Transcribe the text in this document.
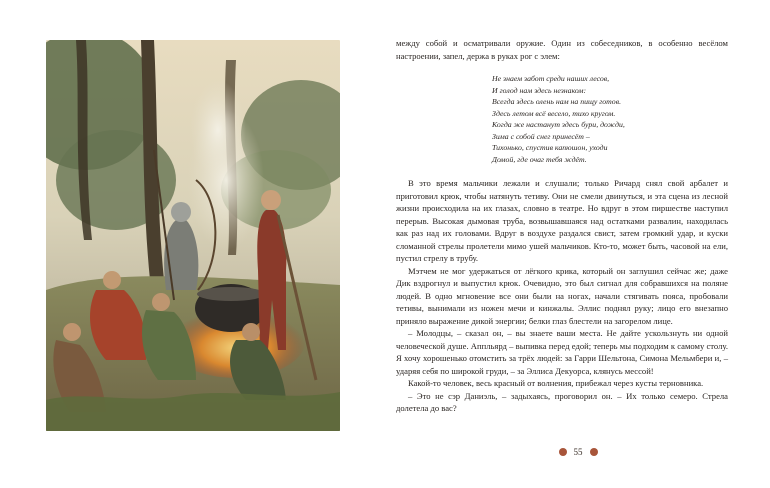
между собой и осматривали оружие. Один из собеседников, в особенно весёлом настроении, запел, держа в руках рог с элем:

Не знаем забот среди наших лесов,
И голод нам здесь незнаком:
Всегда здесь олень нам на пищу готов.
Здесь летом всё весело, тихо кругом.
Когда же настанут здесь бури, дожди,
Зима с собой снег принесёт –
Тихонько, спустив капюшон, уходи
Домой, где очаг тебя ждёт.

В это время мальчики лежали и слушали; только Ричард снял свой арбалет и приготовил крюк, чтобы натянуть тетиву. Они не смели двинуться, и эта сцена из лесной жизни происходила на их глазах, словно в театре. Но вдруг в этом пиршестве наступил перерыв. Высокая дымовая труба, возвышавшаяся над остатками развалин, находилась как раз над их головами. Вдруг в воздухе раздался свист, затем громкий удар, и куски сломанной стрелы пролетели мимо ушей мальчиков. Кто-то, может быть, часовой на ели, пустил стрелу в трубу.

Мэтчем не мог удержаться от лёгкого крика, который он заглушил сейчас же; даже Дик вздрогнул и выпустил крюк. Очевидно, это был сигнал для собравшихся на поляне людей. В одно мгновение все они были на ногах, начали стягивать пояса, пробовали тетивы, вынимали из ножен мечи и кинжалы. Эллис поднял руку; лицо его внезапно приняло выражение дикой энергии; белки глаз блестели на загорелом лице.

– Молодцы, – сказал он, – вы знаете ваши места. Не дайте ускользнуть ни одной человеческой душе. Аппльярд – выпивка перед едой; теперь мы подходим к самому столу. Я хочу хорошенько отомстить за трёх людей: за Гарри Шельтона, Симона Мельмбери и, – ударяя себя по широкой груди, – за Эллиса Декуорса, клянусь мессой!

Какой-то человек, весь красный от волнения, прибежал через кусты терновника.

– Это не сэр Даниэль, – задыхаясь, проговорил он. – Их только семеро. Стрела долетела до вас?

55
